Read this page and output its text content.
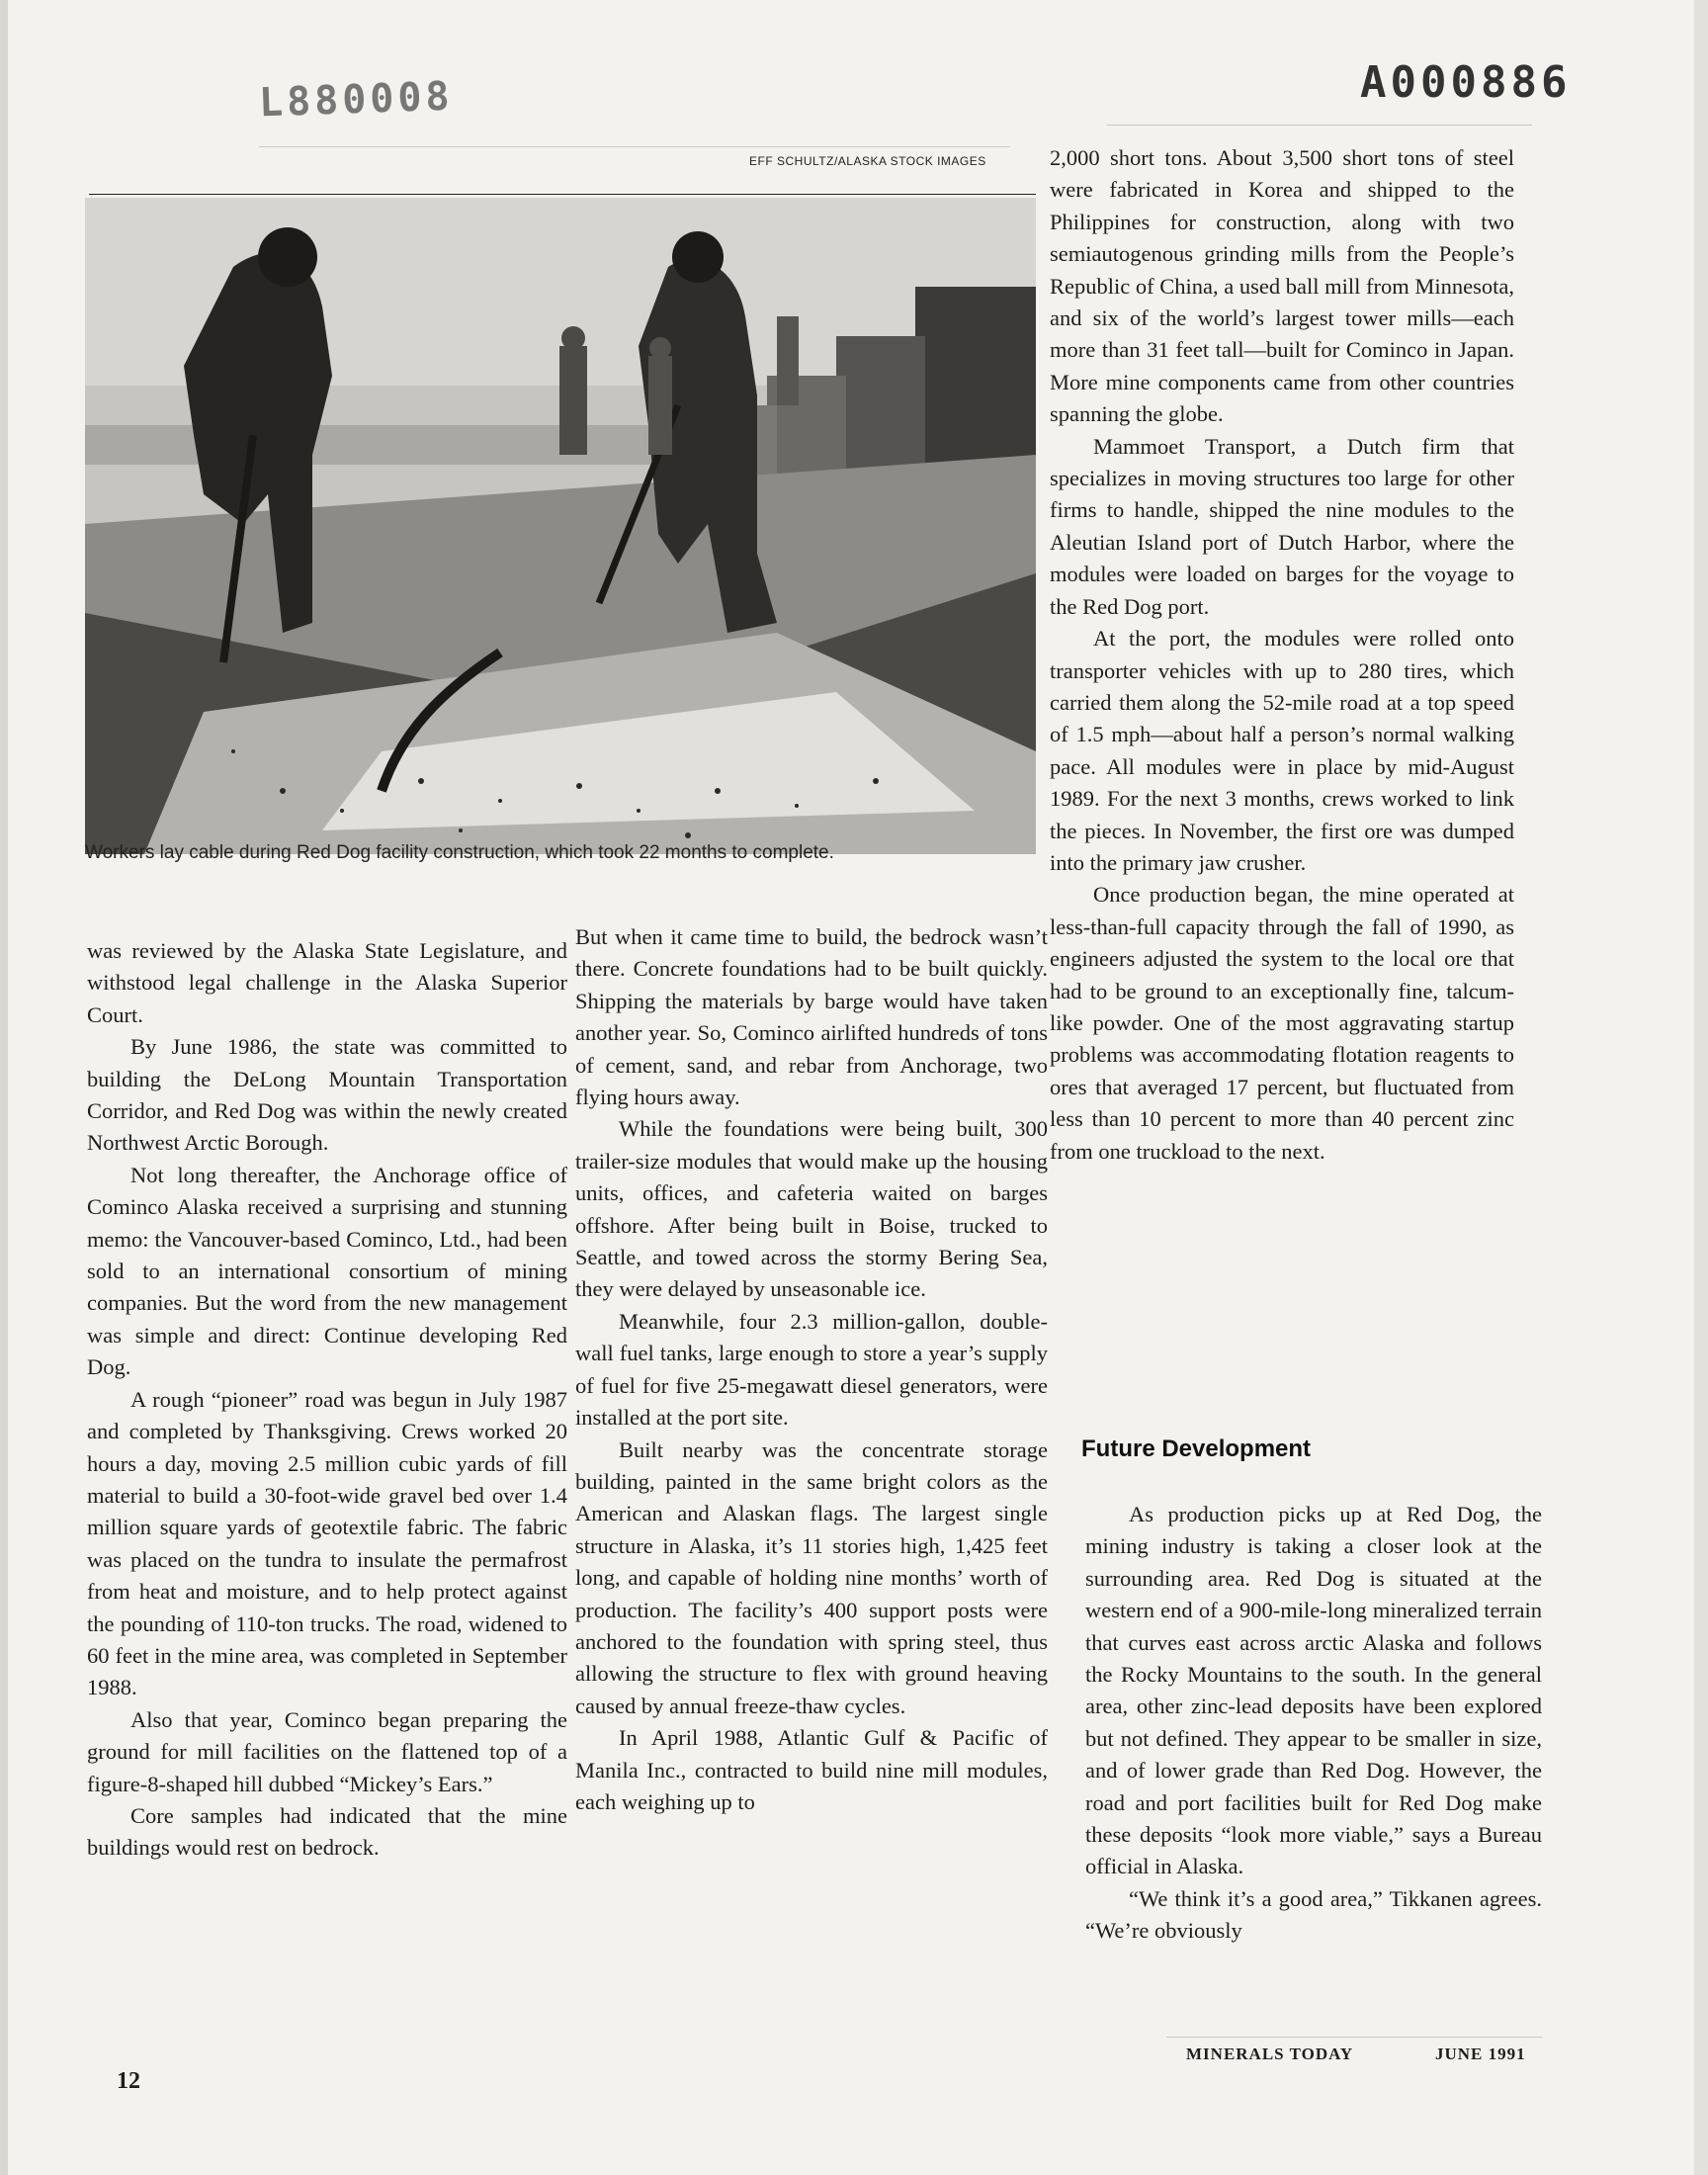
L880008	A000886
EFF SCHULTZ/ALASKA STOCK IMAGES
Workers lay cable during Red Dog facility construction, which took 22 months to complete.

was reviewed by the Alaska State Legislature, and withstood legal challenge in the Alaska Superior Court.

By June 1986, the state was committed to building the DeLong Mountain Transportation Corridor, and Red Dog was within the newly created Northwest Arctic Borough.

Not long thereafter, the Anchorage office of Cominco Alaska received a surprising and stunning memo: the Vancouver-based Cominco, Ltd., had been sold to an international consortium of mining companies. But the word from the new management was simple and direct: Continue developing Red Dog.

A rough “pioneer” road was begun in July 1987 and completed by Thanksgiving. Crews worked 20 hours a day, moving 2.5 million cubic yards of fill material to build a 30-foot-wide gravel bed over 1.4 million square yards of geotextile fabric. The fabric was placed on the tundra to insulate the permafrost from heat and moisture, and to help protect against the pounding of 110-ton trucks. The road, widened to 60 feet in the mine area, was completed in September 1988.

Also that year, Cominco began preparing the ground for mill facilities on the flattened top of a figure-8-shaped hill dubbed “Mickey’s Ears.”

Core samples had indicated that the mine buildings would rest on bedrock.

But when it came time to build, the bedrock wasn’t there. Concrete foundations had to be built quickly. Shipping the materials by barge would have taken another year. So, Cominco airlifted hundreds of tons of cement, sand, and rebar from Anchorage, two flying hours away.

While the foundations were being built, 300 trailer-size modules that would make up the housing units, offices, and cafeteria waited on barges offshore. After being built in Boise, trucked to Seattle, and towed across the stormy Bering Sea, they were delayed by unseasonable ice.

Meanwhile, four 2.3 million-gallon, double-wall fuel tanks, large enough to store a year’s supply of fuel for five 25-megawatt diesel generators, were installed at the port site.

Built nearby was the concentrate storage building, painted in the same bright colors as the American and Alaskan flags. The largest single structure in Alaska, it’s 11 stories high, 1,425 feet long, and capable of holding nine months’ worth of production. The facility’s 400 support posts were anchored to the foundation with spring steel, thus allowing the structure to flex with ground heaving caused by annual freeze-thaw cycles.

In April 1988, Atlantic Gulf & Pacific of Manila Inc., contracted to build nine mill modules, each weighing up to

2,000 short tons. About 3,500 short tons of steel were fabricated in Korea and shipped to the Philippines for construction, along with two semiautogenous grinding mills from the People’s Republic of China, a used ball mill from Minnesota, and six of the world’s largest tower mills—each more than 31 feet tall—built for Cominco in Japan. More mine components came from other countries spanning the globe.

Mammoet Transport, a Dutch firm that specializes in moving structures too large for other firms to handle, shipped the nine modules to the Aleutian Island port of Dutch Harbor, where the modules were loaded on barges for the voyage to the Red Dog port.

At the port, the modules were rolled onto transporter vehicles with up to 280 tires, which carried them along the 52-mile road at a top speed of 1.5 mph—about half a person’s normal walking pace. All modules were in place by mid-August 1989. For the next 3 months, crews worked to link the pieces. In November, the first ore was dumped into the primary jaw crusher.

Once production began, the mine operated at less-than-full capacity through the fall of 1990, as engineers adjusted the system to the local ore that had to be ground to an exceptionally fine, talcum-like powder. One of the most aggravating startup problems was accommodating flotation reagents to ores that averaged 17 percent, but fluctuated from less than 10 percent to more than 40 percent zinc from one truckload to the next.

Future Development

As production picks up at Red Dog, the mining industry is taking a closer look at the surrounding area. Red Dog is situated at the western end of a 900-mile-long mineralized terrain that curves east across arctic Alaska and follows the Rocky Mountains to the south. In the general area, other zinc-lead deposits have been explored but not defined. They appear to be smaller in size, and of lower grade than Red Dog. However, the road and port facilities built for Red Dog make these deposits “look more viable,” says a Bureau official in Alaska.

“We think it’s a good area,” Tikkanen agrees. “We’re obviously

MINERALS TODAY	JUNE 1991
12
